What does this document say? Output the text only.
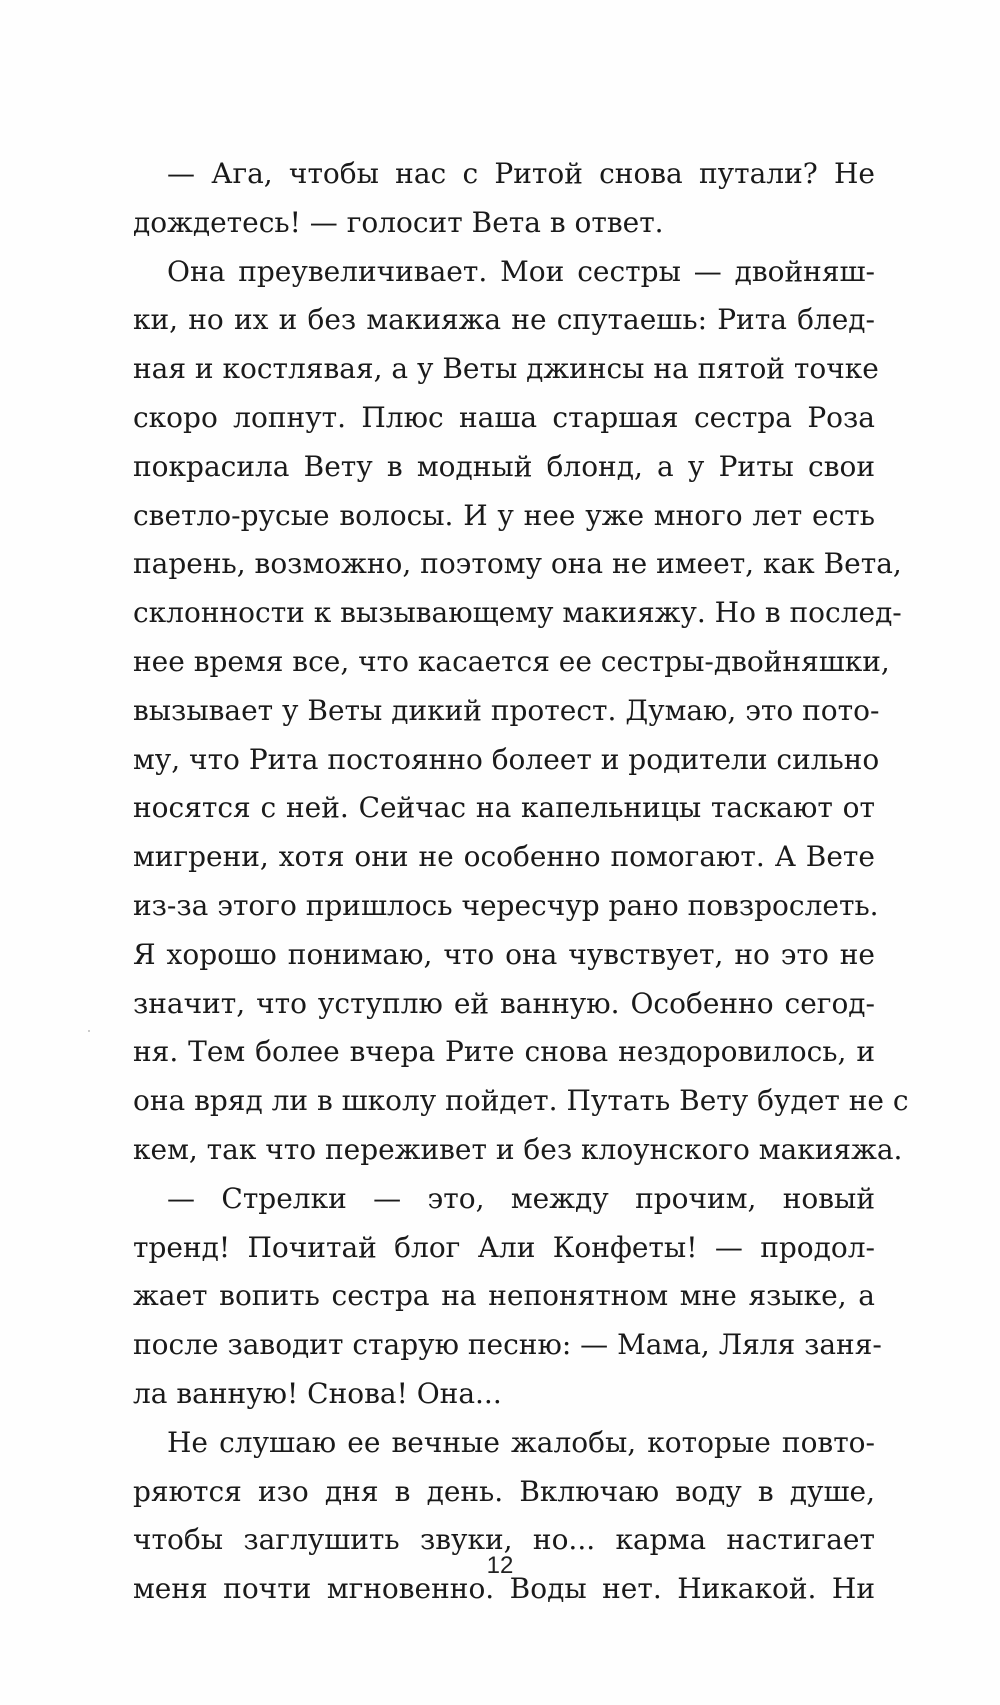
— Ага, чтобы нас с Ритой снова путали? Не
дождетесь! — голосит Вета в ответ.
Она преувеличивает. Мои сестры — двойняш-
ки, но их и без макияжа не спутаешь: Рита блед-
ная и костлявая, а у Веты джинсы на пятой точке
скоро лопнут. Плюс наша старшая сестра Роза
покрасила Вету в модный блонд, а у Риты свои
светло-русые волосы. И у нее уже много лет есть
парень, возможно, поэтому она не имеет, как Вета,
склонности к вызывающему макияжу. Но в послед-
нее время все, что касается ее сестры-двойняшки,
вызывает у Веты дикий протест. Думаю, это пото-
му, что Рита постоянно болеет и родители сильно
носятся с ней. Сейчас на капельницы таскают от
мигрени, хотя они не особенно помогают. А Вете
из-за этого пришлось чересчур рано повзрослеть.
Я хорошо понимаю, что она чувствует, но это не
значит, что уступлю ей ванную. Особенно сегод-
ня. Тем более вчера Рите снова нездоровилось, и
она вряд ли в школу пойдет. Путать Вету будет не с
кем, так что переживет и без клоунского макияжа.
— Стрелки — это, между прочим, новый
тренд! Почитай блог Али Конфеты! — продол-
жает вопить сестра на непонятном мне языке, а
после заводит старую песню: — Мама, Ляля заня-
ла ванную! Снова! Она...
Не слушаю ее вечные жалобы, которые повто-
ряются изо дня в день. Включаю воду в душе,
чтобы заглушить звуки, но... карма настигает
меня почти мгновенно. Воды нет. Никакой. Ни
12
